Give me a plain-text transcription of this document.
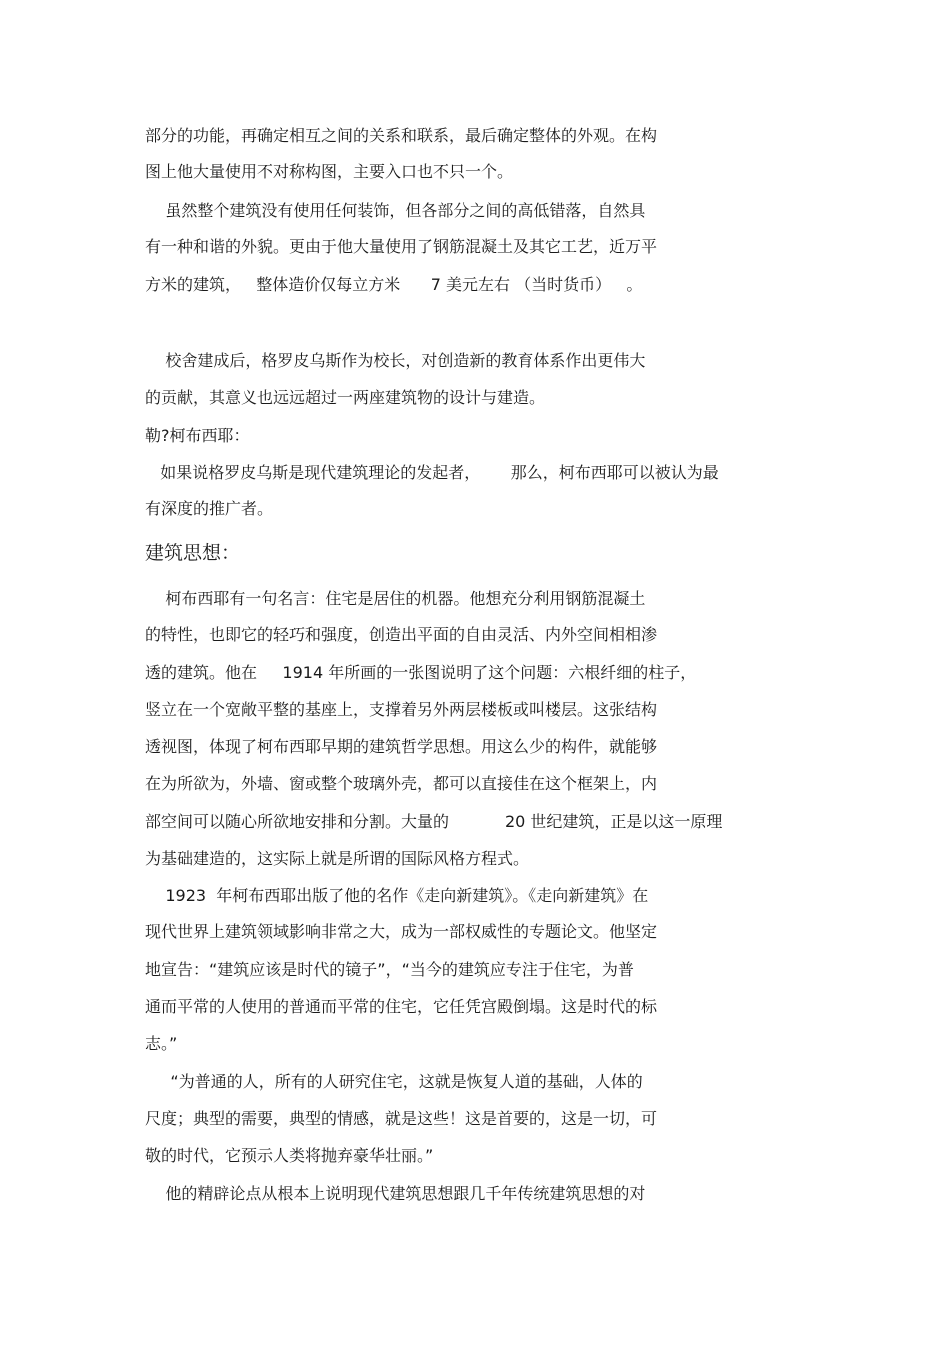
部分的功能，再确定相互之间的关系和联系，最后确定整体的外观。在构
图上他大量使用不对称构图，主要入口也不只一个。
虽然整个建筑没有使用任何装饰，但各部分之间的高低错落，自然具
有一种和谐的外貌。更由于他大量使用了钢筋混凝土及其它工艺，近万平
方米的建筑，   整体造价仅每立方米      7 美元左右 （当时货币）   。
校舍建成后，格罗皮乌斯作为校长，对创造新的教育体系作出更伟大
的贡献，其意义也远远超过一两座建筑物的设计与建造。
勒?柯布西耶：
如果说格罗皮乌斯是现代建筑理论的发起者，      那么，柯布西耶可以被认为最
有深度的推广者。
建筑思想：
柯布西耶有一句名言：住宅是居住的机器。他想充分利用钢筋混凝土
的特性，也即它的轻巧和强度，创造出平面的自由灵活、内外空间相相渗
透的建筑。他在     1914 年所画的一张图说明了这个问题：六根纤细的柱子，
竖立在一个宽敞平整的基座上，支撑着另外两层楼板或叫楼层。这张结构
透视图，体现了柯布西耶早期的建筑哲学思想。用这么少的构件，就能够
在为所欲为，外墙、窗或整个玻璃外壳，都可以直接佳在这个框架上，内
部空间可以随心所欲地安排和分割。大量的           20 世纪建筑，正是以这一原理
为基础建造的，这实际上就是所谓的国际风格方程式。
1923  年柯布西耶出版了他的名作《走向新建筑》。《走向新建筑》在
现代世界上建筑领域影响非常之大，成为一部权威性的专题论文。他坚定
地宣告：“建筑应该是时代的镜子”，“当今的建筑应专注于住宅，为普
通而平常的人使用的普通而平常的住宅，它任凭宫殿倒塌。这是时代的标
志。”
“为普通的人，所有的人研究住宅，这就是恢复人道的基础，人体的
尺度；典型的需要，典型的情感，就是这些！这是首要的，这是一切，可
敬的时代，它预示人类将抛弃豪华壮丽。”
他的精辟论点从根本上说明现代建筑思想跟几千年传统建筑思想的对
